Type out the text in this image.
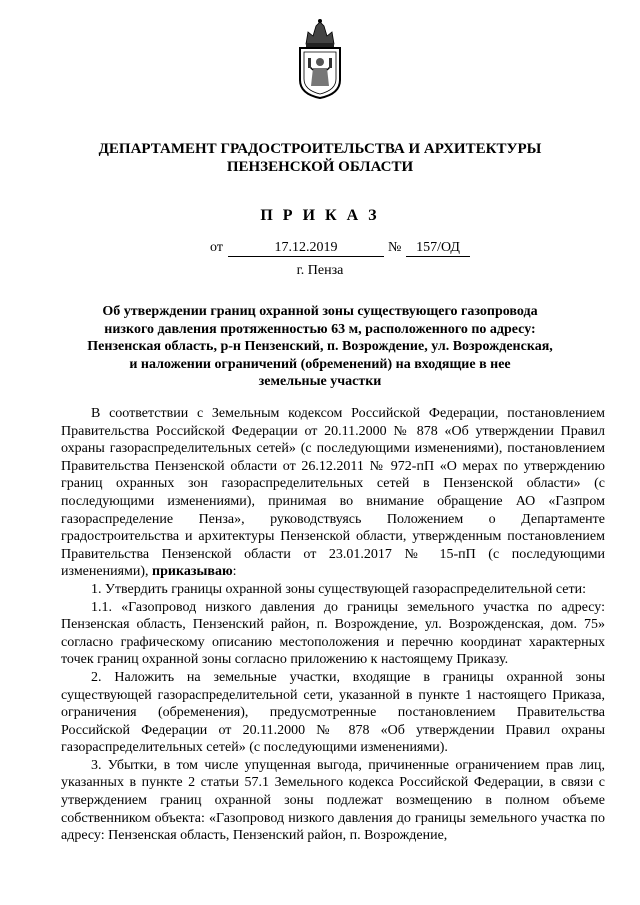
ДЕПАРТАМЕНТ ГРАДОСТРОИТЕЛЬСТВА И АРХИТЕКТУРЫ
ПЕНЗЕНСКОЙ ОБЛАСТИ
П Р И К А З
от	17.12.2019	№	157/ОД
г. Пенза
Об утверждении границ охранной зоны существующего газопровода
низкого давления протяженностью 63 м, расположенного по адресу:
Пензенская область, р-н Пензенский, п. Возрождение, ул. Возрожденская,
и наложении ограничений (обременений) на входящие в нее
земельные участки

В соответствии с Земельным кодексом Российской Федерации, постановлением Правительства Российской Федерации от 20.11.2000 № 878 «Об утверждении Правил охраны газораспределительных сетей» (с последующими изменениями), постановлением Правительства Пензенской области от 26.12.2011 № 972-пП «О мерах по утверждению границ охранных зон газораспределительных сетей в Пензенской области» (с последующими изменениями), принимая во внимание обращение АО «Газпром газораспределение Пенза», руководствуясь Положением о Департаменте градостроительства и архитектуры Пензенской области, утвержденным постановлением Правительства Пензенской области от 23.01.2017 № 15-пП (с последующими изменениями), приказываю:

1. Утвердить границы охранной зоны существующей газораспределительной сети:

1.1. «Газопровод низкого давления до границы земельного участка по адресу: Пензенская область, Пензенский район, п. Возрождение, ул. Возрожденская, дом. 75» согласно графическому описанию местоположения и перечню координат характерных точек границ охранной зоны согласно приложению к настоящему Приказу.

2. Наложить на земельные участки, входящие в границы охранной зоны существующей газораспределительной сети, указанной в пункте 1 настоящего Приказа, ограничения (обременения), предусмотренные постановлением Правительства Российской Федерации от 20.11.2000 № 878 «Об утверждении Правил охраны газораспределительных сетей» (с последующими изменениями).

3. Убытки, в том числе упущенная выгода, причиненные ограничением прав лиц, указанных в пункте 2 статьи 57.1 Земельного кодекса Российской Федерации, в связи с утверждением границ охранной зоны подлежат возмещению в полном объеме собственником объекта: «Газопровод низкого давления до границы земельного участка по адресу: Пензенская область, Пензенский район, п. Возрождение,
